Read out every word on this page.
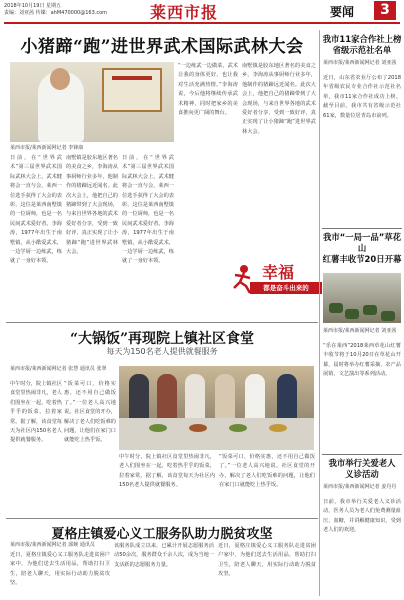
2018年10月19日 星期五
责编：刘亚茜 传媒：ahM470000@163.com	莱西市报	要闻	3
小猪蹄“跑”进世界武术国际武林大会
莱西市报/莱西新闻网记者 李锋康
日前，在“世界武术”第三届世界武术国际武林大会上，武术健将会一直与会，莱西一位选手获得了大会的表彰，这位是莱西南墅镇的一位厨师，也是一名民间武术爱好者。李海涛，1977年出生于南墅镇，从小酷爱武术，一边学厨一边练武，练就了一身好本领。
南墅镇是胶东地区著名的美食之乡，李海涛从事厨师行业多年，他制作的猪蹄远近闻名。此次大会上，他把自己的猪蹄带到了大会现场，与来自世界各地的武术爱好者分享，受到一致好评，真正实现了让小猪蹄“跑”进世界武林大会。
“一边练武一边做菜，武术让我的身体更好，也让我对生活充满热情。”李海涛说，今后他将继续传承武术精神，同时把家乡的美食推向更广阔的舞台。
日前，在“世界武术”第三届世界武术国际武林大会上，武术健将会一直与会，莱西一位选手获得了大会的表彰，这位是莱西南墅镇的一位厨师，也是一名民间武术爱好者。李海涛，1977年出生于南墅镇，从小酷爱武术，一边学厨一边练武，练就了一身好本领。
南墅镇是胶东地区著名的美食之乡，李海涛从事厨师行业多年，他制作的猪蹄远近闻名。此次大会上，他把自己的猪蹄带到了大会现场，与来自世界各地的武术爱好者分享，受到一致好评，真正实现了让小猪蹄“跑”进世界武林大会。
幸福
都是奋斗出来的
“大锅饭”再现院上镇社区食堂
每天为150名老人提供就餐服务
莱西市报/莱西新闻网记者 张慧 通讯员 张翠
中午时分，院上镇社区食堂里热闹非凡，老人们围坐在一起，吃着热乎乎的饭菜，拉着家常。据了解，该食堂每天为社区内150名老人提供就餐服务。
“饭菜可口，价格实惠，还不用自己做饭了。”一位老人高兴地说。社区食堂的开办，解决了老人们吃饭难的问题，让他们在家门口就能吃上热乎饭。
中午时分，院上镇社区食堂里热闹非凡，老人们围坐在一起，吃着热乎乎的饭菜，拉着家常。据了解，该食堂每天为社区内150名老人提供就餐服务。
“饭菜可口，价格实惠，还不用自己做饭了。”一位老人高兴地说。社区食堂的开办，解决了老人们吃饭难的问题，让他们在家门口就能吃上热乎饭。
夏格庄镇爱心义工服务队助力脱贫攻坚
莱西市报/莱西新闻网记者 邱婉 通讯员
近日，夏格庄镇爱心义工服务队走进贫困户家中，为他们送去生活用品，帮助打扫卫生，陪老人聊天，用实际行动助力脱贫攻坚。
该服务队成立以来，已累计开展志愿服务活动50余次，服务群众千余人次，成为当地一支活跃的志愿服务力量。
近日，夏格庄镇爱心义工服务队走进贫困户家中，为他们送去生活用品，帮助打扫卫生，陪老人聊天，用实际行动助力脱贫攻坚。
我市11家合作社上榜
省级示范社名单
莱西市报/莱西新闻网记者 刘亚茜
近日，山东省农业厅公布了2018年省级农民专业合作社示范社名单，我市11家合作社成功上榜。截至目前，我市共有省级示范社61家，数量位居青岛市前列。
我市“一局一品”草花山
红薯丰收节20日开幕
莱西市报/莱西新闻网记者 刘亚茜
“乐在莱西”2018莱西草花山红薯丰收节将于10月20日在草花山开幕，届时将举办红薯采摘、农产品展销、文艺演出等系列活动。
我市举行关爱老人
义诊活动
莱西市报/莱西新闻网记者 姜丹丹
日前，我市举行关爱老人义诊活动，医务人员为老人们免费测量血压、血糖，并讲解健康知识，受到老人们的欢迎。
